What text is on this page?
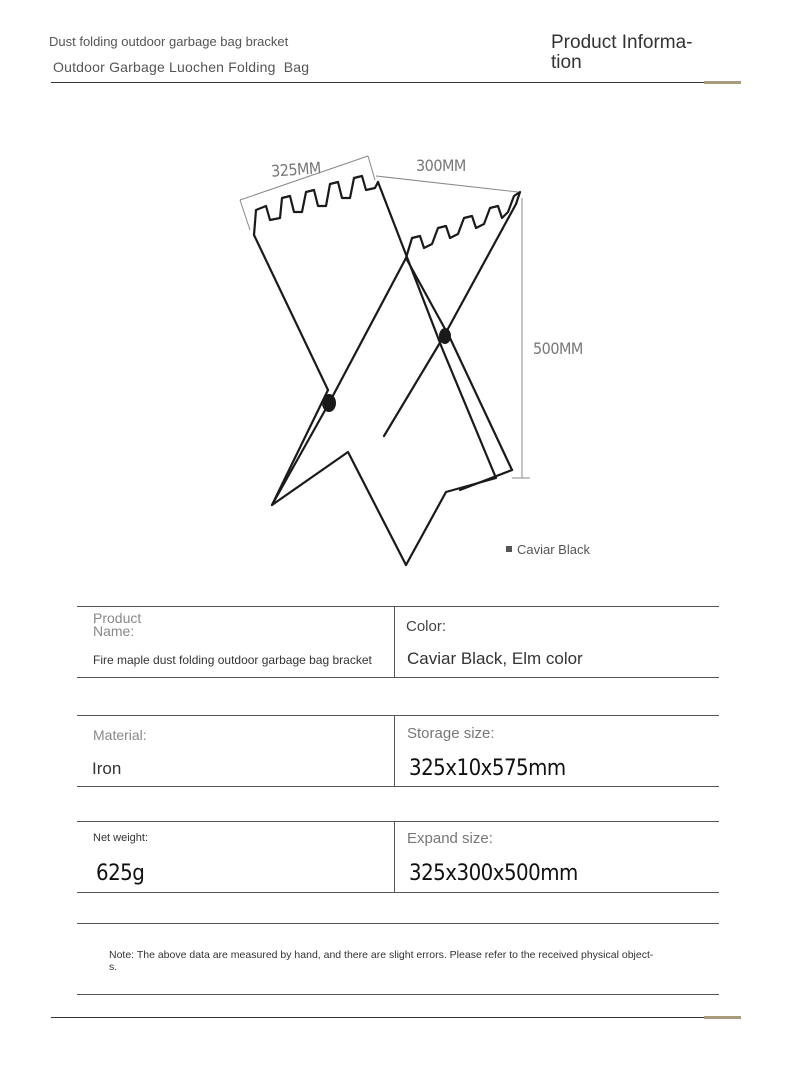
Dust folding outdoor garbage bag bracket
Outdoor Garbage Luochen Folding  Bag
Product Informa-
tion
325MM	300MM
500MM
Caviar Black
Product
Name:
Fire maple dust folding outdoor garbage bag bracket
Color:
Caviar Black, Elm color
Material:
Iron
Storage size:
325x10x575mm
Net weight:
625g
Expand size:
325x300x500mm
Note: The above data are measured by hand, and there are slight errors. Please refer to the received physical object-
s.
